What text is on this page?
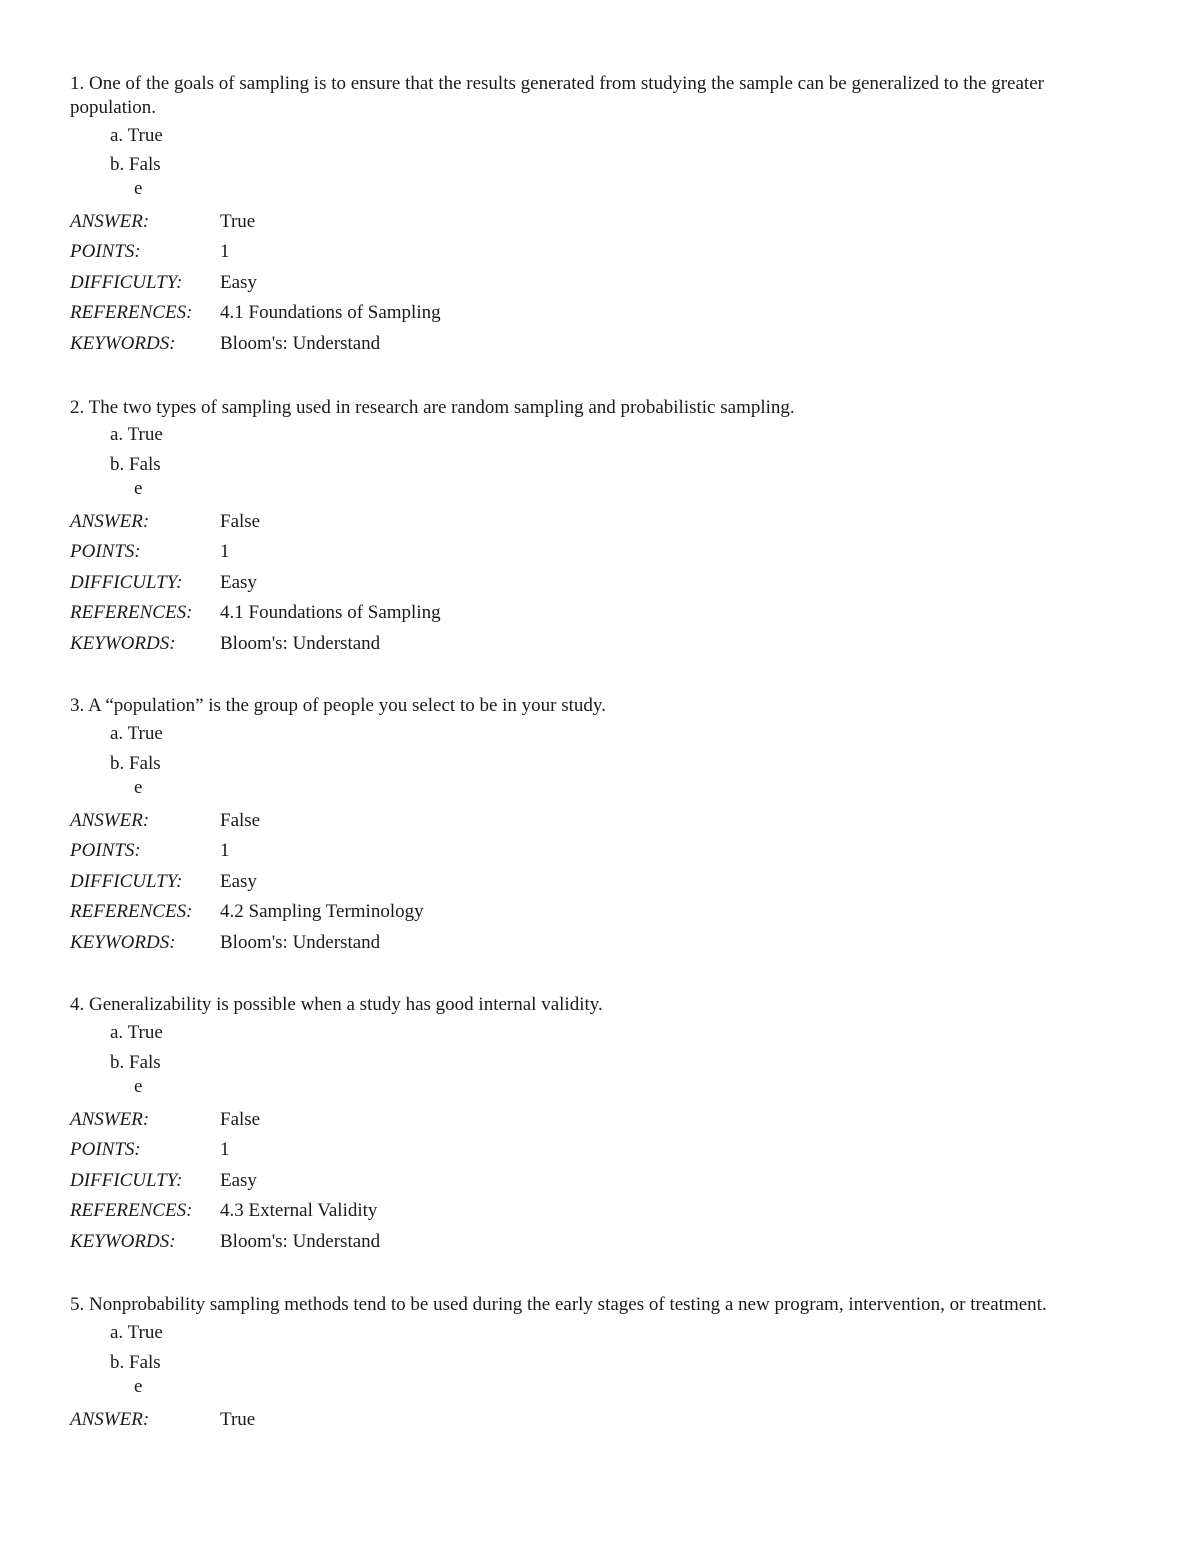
1. One of the goals of sampling is to ensure that the results generated from studying the sample can be generalized to the greater population.

a. True
b. Fals
e
ANSWER:	True
POINTS:	1
DIFFICULTY:	Easy
REFERENCES:	4.1 Foundations of Sampling
KEYWORDS:	Bloom's: Understand

2. The two types of sampling used in research are random sampling and probabilistic sampling.

a. True
b. Fals
e
ANSWER:	False
POINTS:	1
DIFFICULTY:	Easy
REFERENCES:	4.1 Foundations of Sampling
KEYWORDS:	Bloom's: Understand

3. A “population” is the group of people you select to be in your study.

a. True
b. Fals
e
ANSWER:	False
POINTS:	1
DIFFICULTY:	Easy
REFERENCES:	4.2 Sampling Terminology
KEYWORDS:	Bloom's: Understand

4. Generalizability is possible when a study has good internal validity.

a. True
b. Fals
e
ANSWER:	False
POINTS:	1
DIFFICULTY:	Easy
REFERENCES:	4.3 External Validity
KEYWORDS:	Bloom's: Understand

5. Nonprobability sampling methods tend to be used during the early stages of testing a new program, intervention, or treatment.

a. True
b. Fals
e
ANSWER:	True
